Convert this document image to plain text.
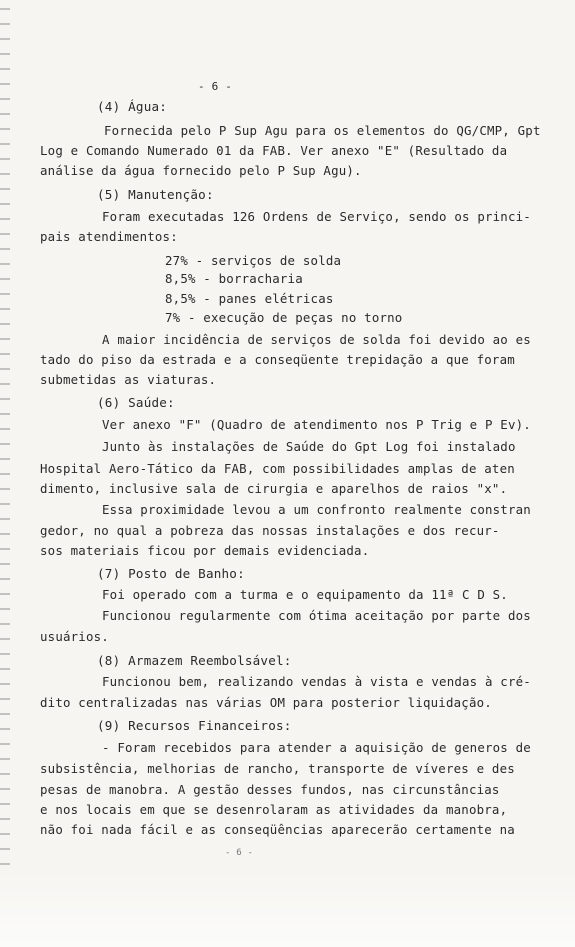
- 6 -
(4) Água:
Fornecida pelo P Sup Agu para os elementos do QG/CMP, Gpt
Log e Comando Numerado 01 da FAB. Ver anexo "E" (Resultado da
análise da água fornecido pelo P Sup Agu).
(5) Manutenção:
Foram executadas 126 Ordens de Serviço, sendo os princi-
pais atendimentos:
27% - serviços de solda
8,5% - borracharia
8,5% - panes elétricas
7% - execução de peças no torno
A maior incidência de serviços de solda foi devido ao es
tado do piso da estrada e a conseqüente trepidação a que foram
submetidas as viaturas.
(6) Saúde:
Ver anexo "F" (Quadro de atendimento nos P Trig e P Ev).
Junto às instalações de Saúde do Gpt Log foi instalado
Hospital Aero-Tático da FAB, com possibilidades amplas de aten
dimento, inclusive sala de cirurgia e aparelhos de raios "x".
Essa proximidade levou a um confronto realmente constran
gedor, no qual a pobreza das nossas instalações e dos recur-
sos materiais ficou por demais evidenciada.
(7) Posto de Banho:
Foi operado com a turma e o equipamento da 11ª C D S.
Funcionou regularmente com ótima aceitação por parte dos
usuários.
(8) Armazem Reembolsável:
Funcionou bem, realizando vendas à vista e vendas à cré-
dito centralizadas nas várias OM para posterior liquidação.
(9) Recursos Financeiros:
- Foram recebidos para atender a aquisição de generos de
subsistência, melhorias de rancho, transporte de víveres e des
pesas de manobra. A gestão desses fundos, nas circunstâncias
e nos locais em que se desenrolaram as atividades da manobra,
não foi nada fácil e as conseqüências aparecerão certamente na
- 6 -
